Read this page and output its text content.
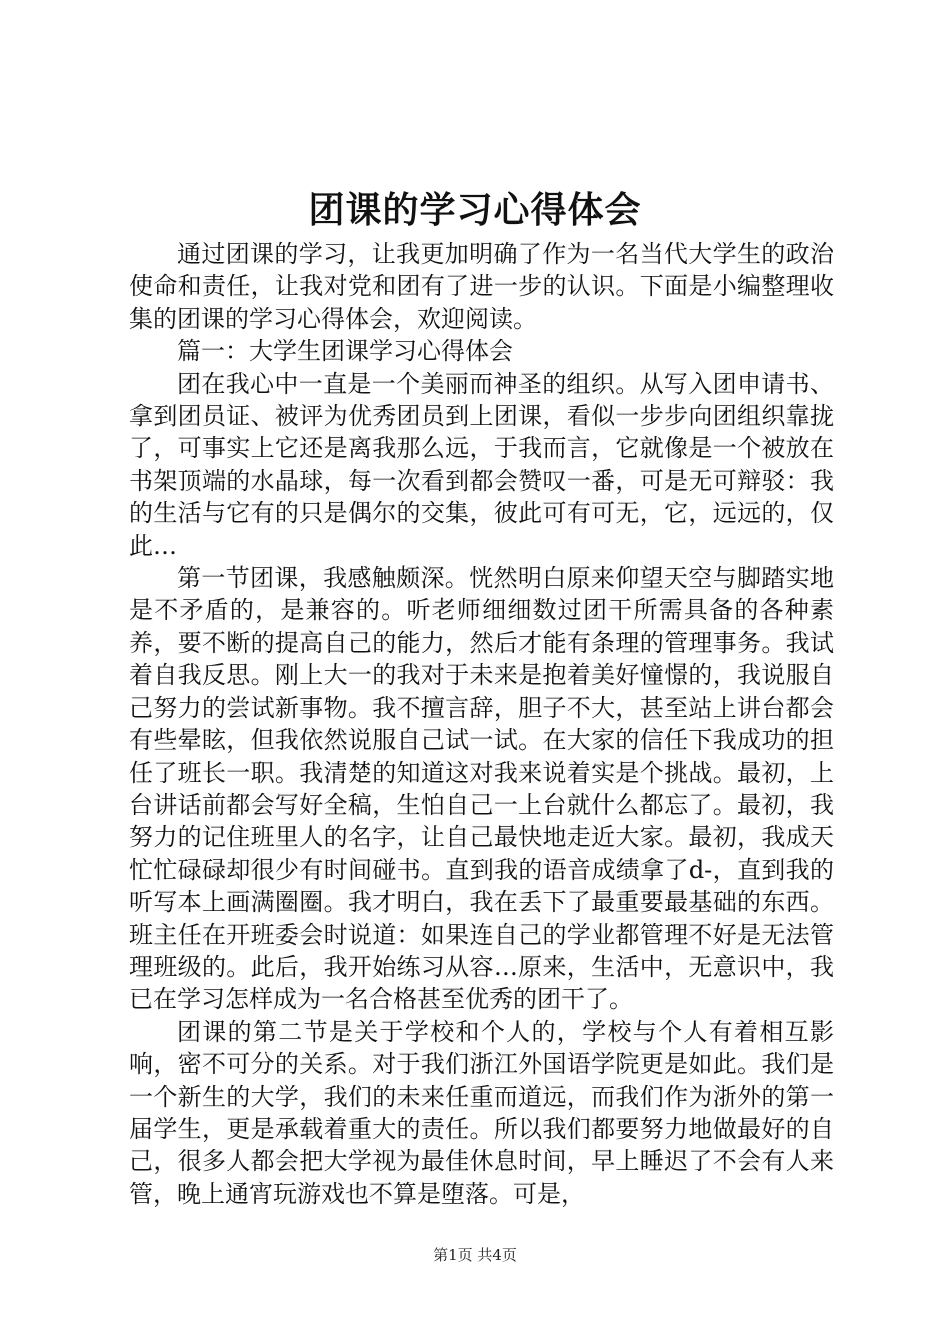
团课的学习心得体会

通过团课的学习，让我更加明确了作为一名当代大学生的政治使命和责任，让我对党和团有了进一步的认识。下面是小编整理收集的团课的学习心得体会，欢迎阅读。

篇一：大学生团课学习心得体会

团在我心中一直是一个美丽而神圣的组织。从写入团申请书、拿到团员证、被评为优秀团员到上团课，看似一步步向团组织靠拢了，可事实上它还是离我那么远，于我而言，它就像是一个被放在书架顶端的水晶球，每一次看到都会赞叹一番，可是无可辩驳：我的生活与它有的只是偶尔的交集，彼此可有可无，它，远远的，仅此…

第一节团课，我感触颇深。恍然明白原来仰望天空与脚踏实地是不矛盾的，是兼容的。听老师细细数过团干所需具备的各种素养，要不断的提高自己的能力，然后才能有条理的管理事务。我试着自我反思。刚上大一的我对于未来是抱着美好憧憬的，我说服自己努力的尝试新事物。我不擅言辞，胆子不大，甚至站上讲台都会有些晕眩，但我依然说服自己试一试。在大家的信任下我成功的担任了班长一职。我清楚的知道这对我来说着实是个挑战。最初，上台讲话前都会写好全稿，生怕自己一上台就什么都忘了。最初，我努力的记住班里人的名字，让自己最快地走近大家。最初，我成天忙忙碌碌却很少有时间碰书。直到我的语音成绩拿了d-，直到我的听写本上画满圈圈。我才明白，我在丢下了最重要最基础的东西。班主任在开班委会时说道：如果连自己的学业都管理不好是无法管理班级的。此后，我开始练习从容…原来，生活中，无意识中，我已在学习怎样成为一名合格甚至优秀的团干了。

团课的第二节是关于学校和个人的，学校与个人有着相互影响，密不可分的关系。对于我们浙江外国语学院更是如此。我们是一个新生的大学，我们的未来任重而道远，而我们作为浙外的第一届学生，更是承载着重大的责任。所以我们都要努力地做最好的自己，很多人都会把大学视为最佳休息时间，早上睡迟了不会有人来管，晚上通宵玩游戏也不算是堕落。可是，

第1页 共4页
